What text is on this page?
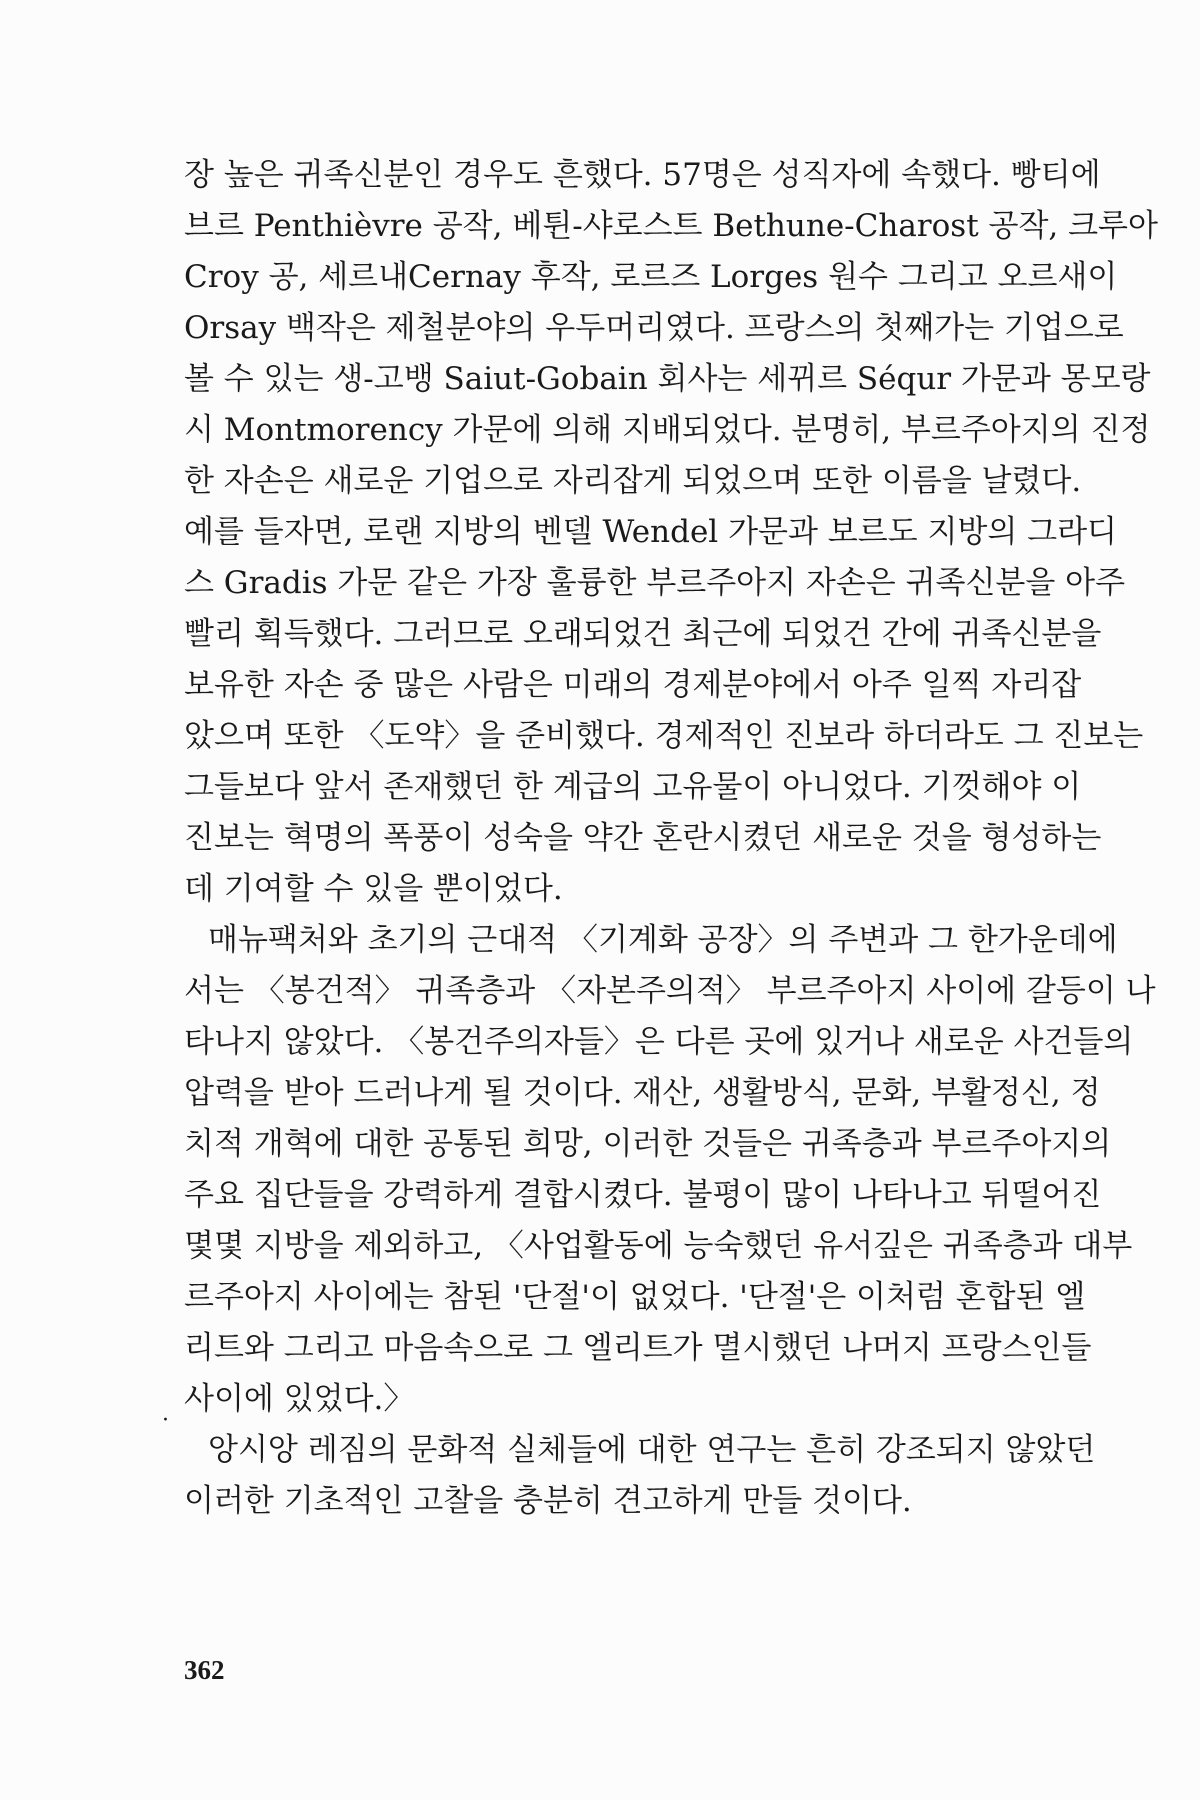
장 높은 귀족신분인 경우도 흔했다. 57명은 성직자에 속했다. 빵티에
브르 Penthièvre 공작, 베튄-샤로스트 Bethune-Charost 공작, 크루아
Croy 공, 세르내Cernay 후작, 로르즈 Lorges 원수 그리고 오르새이
Orsay 백작은 제철분야의 우두머리였다. 프랑스의 첫째가는 기업으로
볼 수 있는 생-고뱅 Saiut-Gobain 회사는 세뀌르 Séqur 가문과 몽모랑
시 Montmorency 가문에 의해 지배되었다. 분명히, 부르주아지의 진정
한 자손은 새로운 기업으로 자리잡게 되었으며 또한 이름을 날렸다.
예를 들자면, 로랜 지방의 벤델 Wendel 가문과 보르도 지방의 그라디
스 Gradis 가문 같은 가장 훌륭한 부르주아지 자손은 귀족신분을 아주
빨리 획득했다. 그러므로 오래되었건 최근에 되었건 간에 귀족신분을
보유한 자손 중 많은 사람은 미래의 경제분야에서 아주 일찍 자리잡
았으며 또한 〈도약〉을 준비했다. 경제적인 진보라 하더라도 그 진보는
그들보다 앞서 존재했던 한 계급의 고유물이 아니었다. 기껏해야 이
진보는 혁명의 폭풍이 성숙을 약간 혼란시켰던 새로운 것을 형성하는
데 기여할 수 있을 뿐이었다.
매뉴팩처와 초기의 근대적 〈기계화 공장〉의 주변과 그 한가운데에
서는 〈봉건적〉 귀족층과 〈자본주의적〉 부르주아지 사이에 갈등이 나
타나지 않았다. 〈봉건주의자들〉은 다른 곳에 있거나 새로운 사건들의
압력을 받아 드러나게 될 것이다. 재산, 생활방식, 문화, 부활정신, 정
치적 개혁에 대한 공통된 희망, 이러한 것들은 귀족층과 부르주아지의
주요 집단들을 강력하게 결합시켰다. 불평이 많이 나타나고 뒤떨어진
몇몇 지방을 제외하고, 〈사업활동에 능숙했던 유서깊은 귀족층과 대부
르주아지 사이에는 참된 '단절'이 없었다. '단절'은 이처럼 혼합된 엘
리트와 그리고 마음속으로 그 엘리트가 멸시했던 나머지 프랑스인들
사이에 있었다.〉
앙시앙 레짐의 문화적 실체들에 대한 연구는 흔히 강조되지 않았던
이러한 기초적인 고찰을 충분히 견고하게 만들 것이다.
·
362
